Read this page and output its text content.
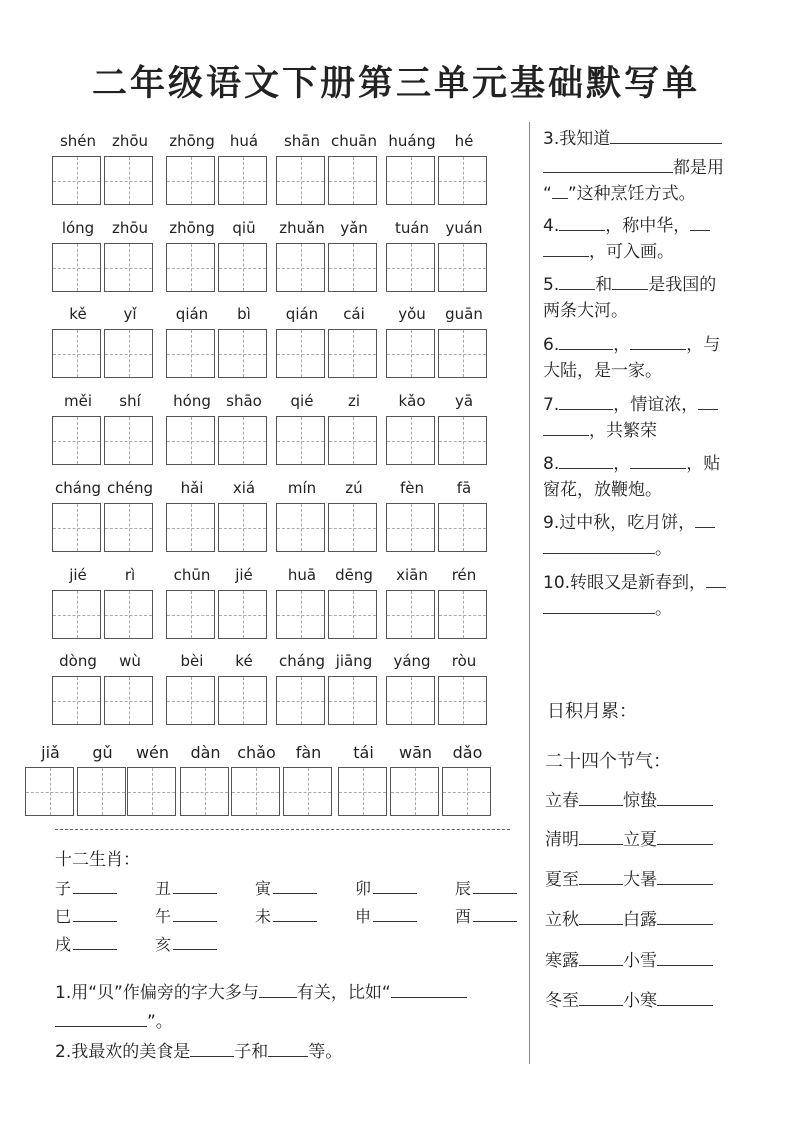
二年级语文下册第三单元基础默写单
shén	zhōu	zhōng	huá	shān chuān huáng	hé
lóng	zhōu	zhōng	qiū	zhuǎn	yǎn	tuán	yuán
kě	yǐ	qián	bì	qián	cái	yǒu	guān
měi	shí	hóng	shāo	qié	zi	kǎo	yā
cháng chéng	hǎi	xiá	mín	zú	fèn	fā
jié	rì	chūn	jié	huā	dēng	xiān	rén
dòng	wù	bèi	ké	cháng jiāng	yáng	ròu
jiǎ	gǔ	wén	dàn	chǎo	fàn	tái	wān	dǎo
十二生肖：
子	丑	寅	卯	辰
巳	午	未	申	酉
戌	亥
1.用“贝”作偏旁的字大多与 有关，比如“
”。
2.我最欢的美食是	子和 等。
3.我知道
都是用
“ ”这种烹饪方式。
4.	，称中华，
，可入画。
5. 和 是我国的
两条大河。
6.	，	，与
大陆，是一家。
7.	，情谊浓，
，共繁荣
8.	，	，贴
窗花，放鞭炮。
9.过中秋，吃月饼，
。
10.转眼又是新春到，
。
日积月累：
二十四个节气：
立春	惊蛰
清明	立夏
夏至	大暑
立秋	白露
寒露	小雪
冬至	小寒
